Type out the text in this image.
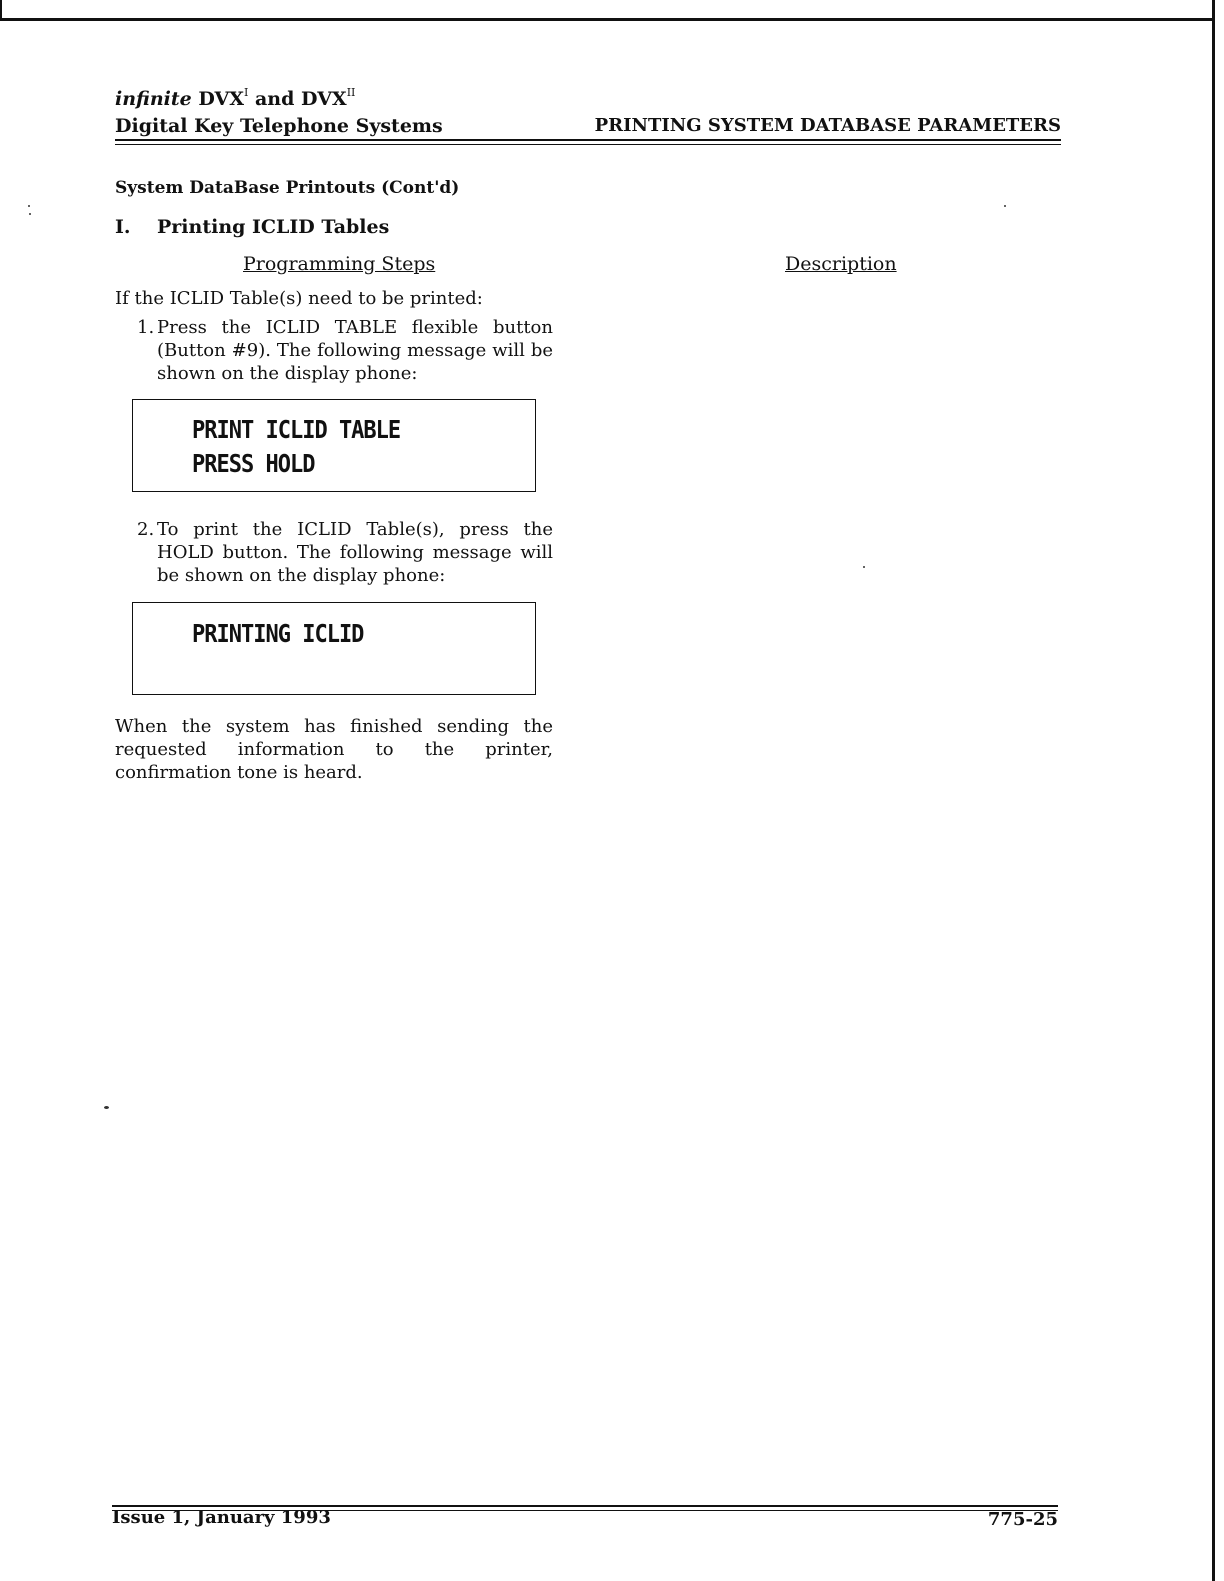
infinite $DVX^I$ and $DVX^{II}$
Digital Key Telephone Systems	PRINTING SYSTEM DATABASE PARAMETERS
System DataBase Printouts (Cont'd)
I. Printing ICLID Tables
Programming Steps	Description
If the ICLID Table(s) need to be printed:
1. Press the ICLID TABLE flexible button (Button #9). The following message will be shown on the display phone:
PRINT ICLID TABLE
PRESS HOLD
2. To print the ICLID Table(s), press the HOLD button. The following message will be shown on the display phone:
PRINTING ICLID
When the system has finished sending the requested information to the printer, confirmation tone is heard.
Issue 1, January 1993	775-25
